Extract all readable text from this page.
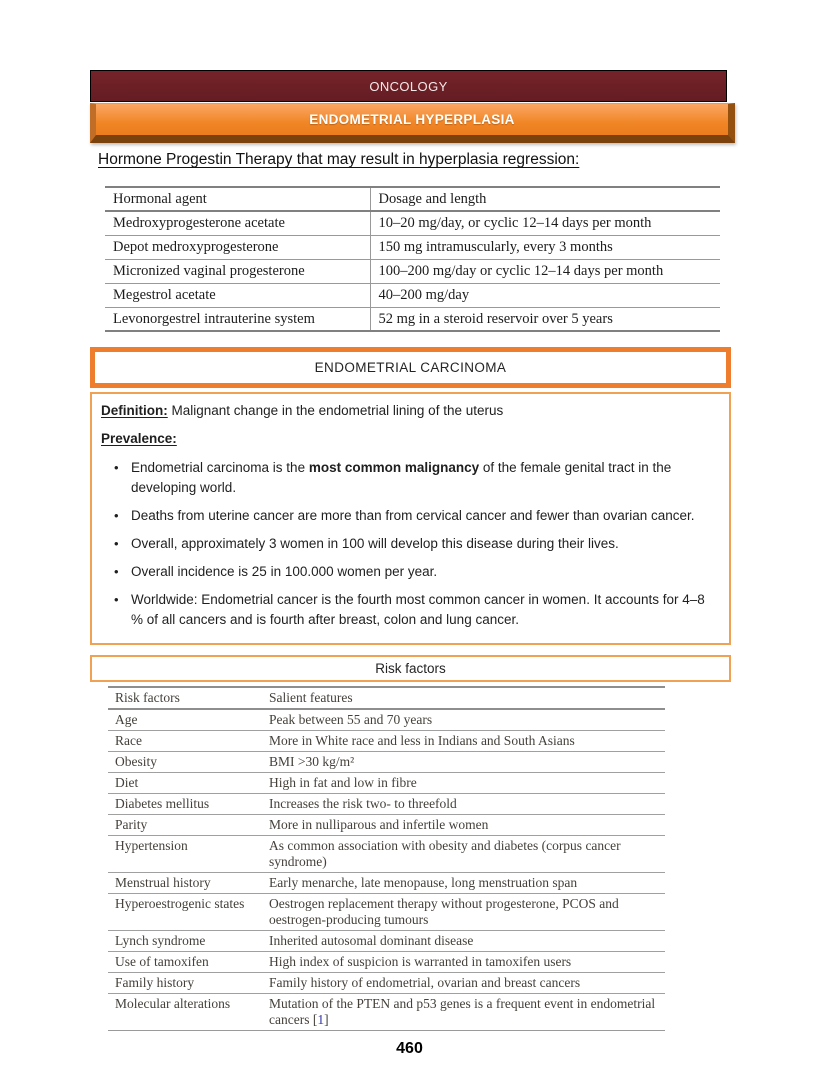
ONCOLOGY
ENDOMETRIAL HYPERPLASIA
Hormone Progestin Therapy that may result in hyperplasia regression:
Hormonal agent	Dosage and length
Medroxyprogesterone acetate	10–20 mg/day, or cyclic 12–14 days per month
Depot medroxyprogesterone	150 mg intramuscularly, every 3 months
Micronized vaginal progesterone	100–200 mg/day or cyclic 12–14 days per month
Megestrol acetate	40–200 mg/day
Levonorgestrel intrauterine system	52 mg in a steroid reservoir over 5 years
ENDOMETRIAL CARCINOMA

Definition: Malignant change in the endometrial lining of the uterus

Prevalence:

• Endometrial carcinoma is the most common malignancy of the female genital tract in the developing world.
• Deaths from uterine cancer are more than from cervical cancer and fewer than ovarian cancer.
• Overall, approximately 3 women in 100 will develop this disease during their lives.
• Overall incidence is 25 in 100.000 women per year.
• Worldwide: Endometrial cancer is the fourth most common cancer in women. It accounts for 4–8 % of all cancers and is fourth after breast, colon and lung cancer.
Risk factors
Risk factors	Salient features
Age	Peak between 55 and 70 years
Race	More in White race and less in Indians and South Asians
Obesity	BMI >30 kg/m²
Diet	High in fat and low in fibre
Diabetes mellitus	Increases the risk two- to threefold
Parity	More in nulliparous and infertile women
Hypertension	As common association with obesity and diabetes (corpus cancer syndrome)
Menstrual history	Early menarche, late menopause, long menstruation span
Hyperoestrogenic states	Oestrogen replacement therapy without progesterone, PCOS and oestrogen-producing tumours
Lynch syndrome	Inherited autosomal dominant disease
Use of tamoxifen	High index of suspicion is warranted in tamoxifen users
Family history	Family history of endometrial, ovarian and breast cancers
Molecular alterations	Mutation of the PTEN and p53 genes is a frequent event in endometrial cancers [1]
460
